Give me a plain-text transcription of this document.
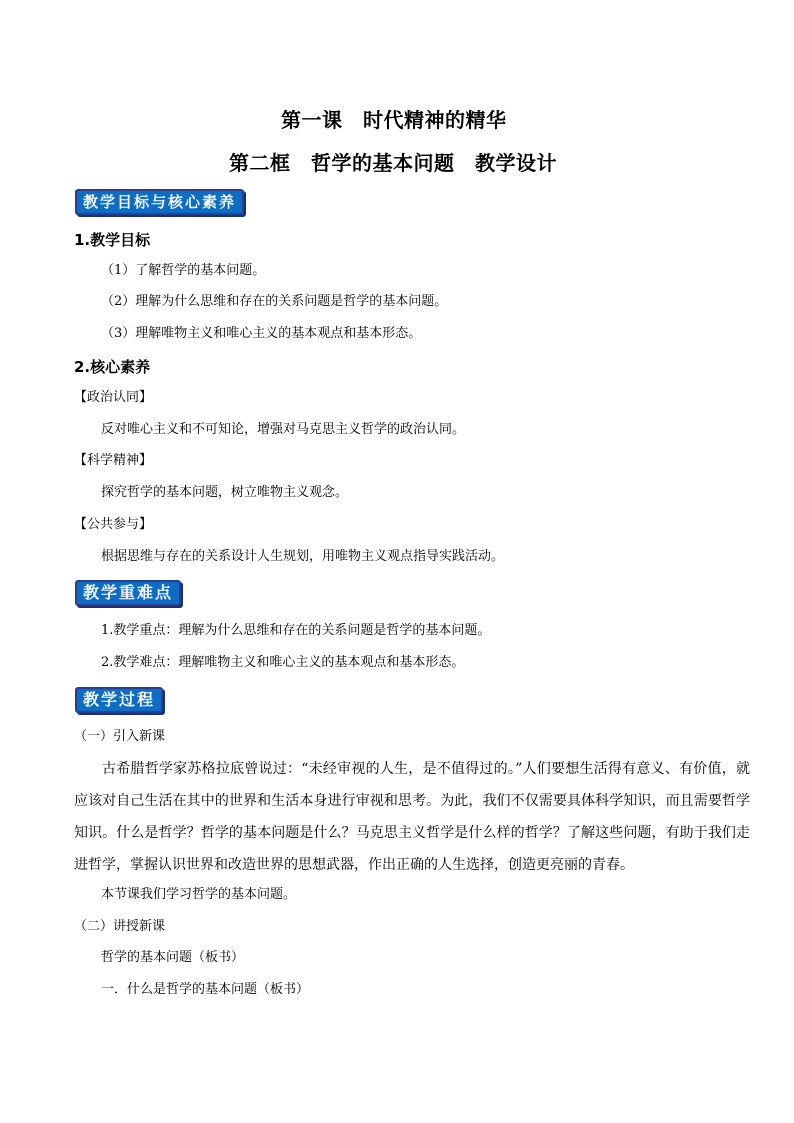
第一课　时代精神的精华
第二框　哲学的基本问题　教学设计
教学目标与核心素养
1.教学目标
（1）了解哲学的基本问题。
（2）理解为什么思维和存在的关系问题是哲学的基本问题。
（3）理解唯物主义和唯心主义的基本观点和基本形态。
2.核心素养
【政治认同】
反对唯心主义和不可知论，增强对马克思主义哲学的政治认同。
【科学精神】
探究哲学的基本问题，树立唯物主义观念。
【公共参与】
根据思维与存在的关系设计人生规划，用唯物主义观点指导实践活动。
教学重难点
1.教学重点：理解为什么思维和存在的关系问题是哲学的基本问题。
2.教学难点：理解唯物主义和唯心主义的基本观点和基本形态。
教学过程
（一）引入新课
古希腊哲学家苏格拉底曾说过：“未经审视的人生，是不值得过的。”人们要想生活得有意义、有价值，就应该对自己生活在其中的世界和生活本身进行审视和思考。为此，我们不仅需要具体科学知识，而且需要哲学知识。什么是哲学？哲学的基本问题是什么？马克思主义哲学是什么样的哲学？了解这些问题，有助于我们走进哲学，掌握认识世界和改造世界的思想武器，作出正确的人生选择，创造更亮丽的青春。
本节课我们学习哲学的基本问题。
（二）讲授新课
哲学的基本问题（板书）
一．什么是哲学的基本问题（板书）
